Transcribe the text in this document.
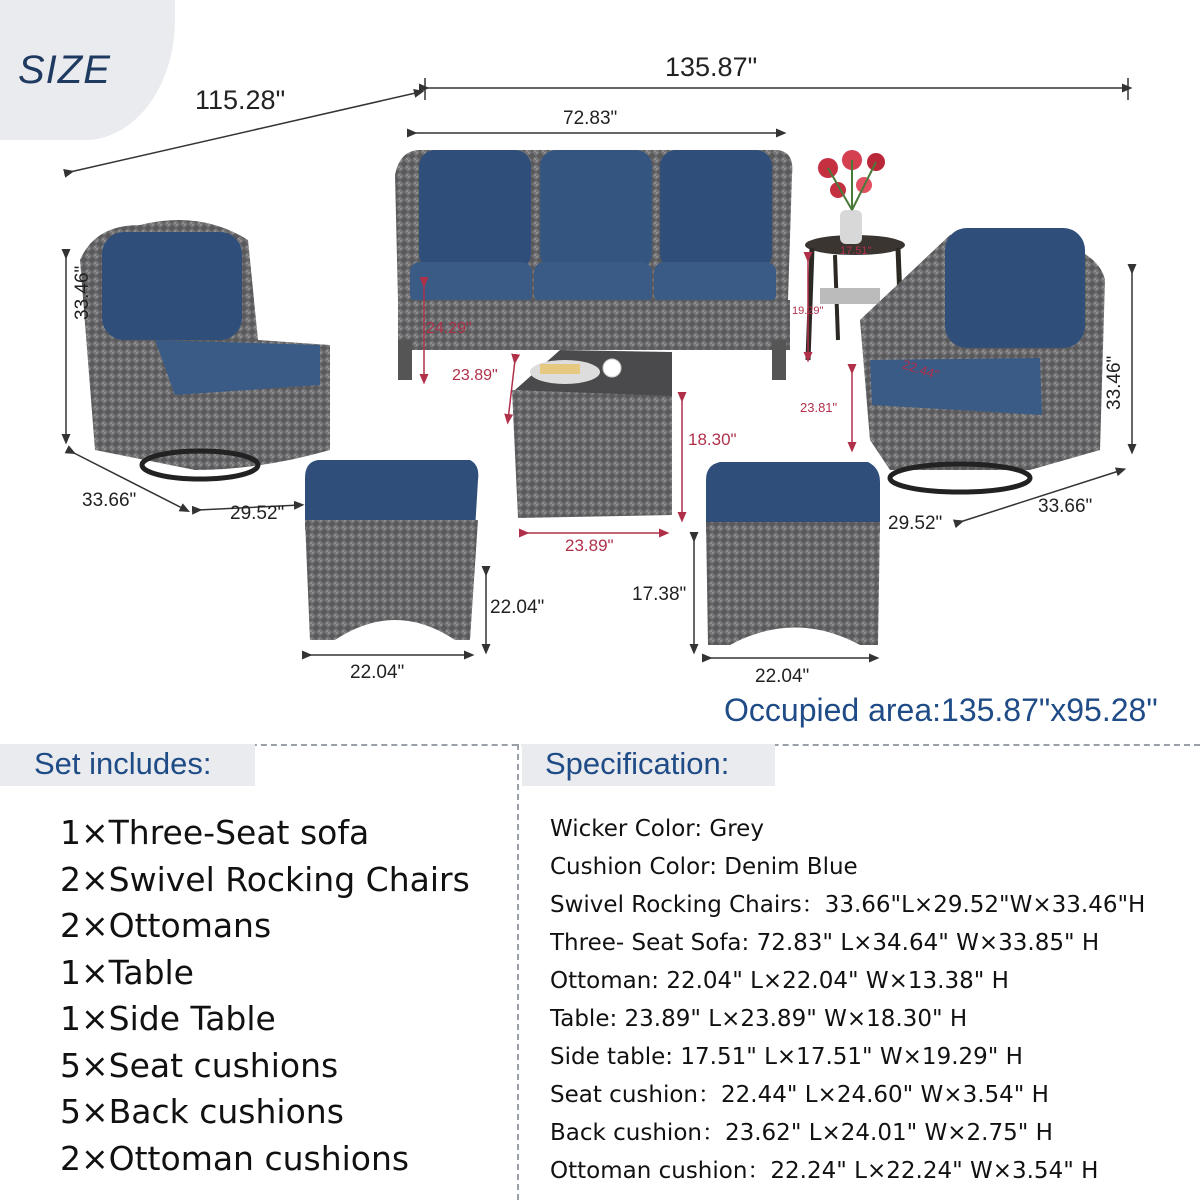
SIZE	135.87"
115.28"
72.83"
24.29"
23.89"
17.51"
19.29"
33.46"
33.66"
29.52"
33.46"
23.81"
22.44"
29.52"
33.66"
18.30"
23.89"
22.04"
22.04"
17.38"
22.04"
Occupied area:135.87"x95.28"
Set includes:	Specification:
1×Three-Seat sofa
2×Swivel Rocking Chairs
2×Ottomans
1×Table
1×Side Table
5×Seat cushions
5×Back cushions
2×Ottoman cushions
Wicker Color: Grey
Cushion Color: Denim Blue
Swivel Rocking Chairs：33.66"L×29.52"W×33.46"H
Three- Seat Sofa: 72.83" L×34.64" W×33.85" H
Ottoman: 22.04" L×22.04" W×13.38" H
Table: 23.89" L×23.89" W×18.30" H
Side table: 17.51" L×17.51" W×19.29" H
Seat cushion：22.44" L×24.60" W×3.54" H
Back cushion：23.62" L×24.01" W×2.75" H
Ottoman cushion：22.24" L×22.24" W×3.54" H
